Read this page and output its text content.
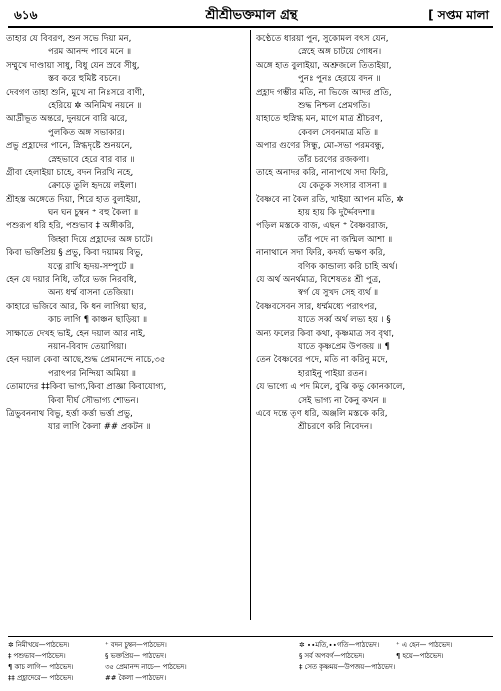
৬১৬	শ্রীশ্রীভক্তমাল গ্রন্থ	[ সপ্তম মালা
তাহার যে বিবরণ, শুন সভে দিয়া মন,
পরম আনন্দ পাবে মনে ॥
সম্মুখে দাণ্ডায়া সাধু, বিধু যেন স্রবে সীধু,
স্তব করে হুমিষ্ট বচনে।
দেবগণ তাহা শুনি, মুখে না নিঃসরে বাণী,
হেরিয়ে ✲ অনিমিখ নয়নে ॥
আর্দ্রীভূত অন্তরে, দুনয়নে বারি ঝরে,
পুলকিত অঙ্গ সভাকার।
প্রভু প্রহ্লাদের পানে, স্নিগ্ধদৃষ্টে শুনয়নে,
স্নেহভাবে হেরে বার বার ॥
গ্রীবা হেলাইয়া চাহে, বদন নিরখি নহে,
ক্রোড়ে তুলি হৃদয়ে লইলা।
শ্রীহস্ত অঙ্গেতে দিয়া, শিরে হাত বুলাইয়া,
ঘন ঘন চুম্বন ⁺ বহু কৈলা ॥
পশুরূপ ধরি হরি, পশুভাব ‡ অঙ্গীকরি,
জিহ্বা দিয়ে প্রহ্লাদের অঙ্গ চাটে।
কিবা ভক্তিপ্রিয় § প্রভু, কিবা দয়াময় বিভু,
যত্নে রাখি হৃদয়-সম্পুটে ॥
হেন যে দয়ার নিধি, তাঁরে ভজ নিরবধি,
অন্য ধর্ম্ম বাসনা তেজিয়া।
কাহারে ভজিবে আর, কি ধন লাগিয়া ছার,
কাচ লাগি ¶ কাঞ্চন ছাড়িয়া ॥
সাক্ষাতে দেখহ ভাই, হেন দয়াল আর নাই,
নয়ান-বিবাদ তেয়াগিয়া।
হেন দয়াল কেবা আছে,শুদ্ধ প্রেমানন্দে নাচে,৩৫
পরাৎপর নিন্দিয়া অমিয়া ॥
তোমাদের ‡‡কিবা ভাগ্য,কিবা প্রাজ্ঞা কিবাযোগ্য,
কিবা দীর্ঘ সৌভাগ্য শোভন।
ত্রিভুবননাথ বিভু, হর্ত্তা কর্ত্তা ভর্ত্তা প্রভু,
যার লাগি কৈলা ## প্রকটন ॥
কণ্ঠেতে ধারয়া পুন, সুকোমল বৎস যেন,
স্নেহে অঙ্গ চাটয়ে গোধন।
অঙ্গে হাত বুলাইয়া, অশ্রুজলে তিতাইয়া,
পুনঃ পুনঃ হেরয়ে বদন ॥
প্রহ্লাদ গম্ভীর মতি, না ভিজে আদর প্রতি,
শুদ্ধ নিশ্চল প্রেমগতি।
যাহাতে হুস্নিগ্ধ মন, মাগে মাত্র শ্রীচরণ,
কেবল সেবনমাত্র মতি ॥
অপার গুণের সিন্ধু, মো-সভা পরমবন্ধু,
তাঁর চরণের রজকণা।
তাহে অনাদর করি, নানাপথে সদা ফিরি,
যে কেতুক সংসার বাসনা ॥
বৈষ্ণবে না কৈল রতি, খাইয়া আপন মতি, ✲
হায় হায় কি দুর্দ্দৈবদশা॥
পড়িল মস্তকে বাজ, এছন ⁺ বৈষ্ণবরাজ,
তাঁর পদে না জন্মিল আশা ॥
নানাথানে সদা ফিরি, কদর্য্য ভক্ষণ করি,
বণিক কান্ডাল্য করি চাহি অর্থ।
যে অর্থ অনর্থমাত্র, বিশেষতঃ শ্রী পুত্র,
স্বর্গ যে সুখদ সেহ ব্যর্থ ॥
বৈষ্ণবসেবন সার, ধর্ম্মমধ্যে পরাৎপর,
যাতে সর্ব্ব অর্থ লভ্য হয় । §
অন্য ফলের কিবা কথা, কৃষ্ণমাত্র সব বৃথা,
যাতে কৃষ্ণপ্রেম উপজয় ॥ ¶
তেন বৈষ্ণবের পদে, মতি না করিনু মদে,
হারাইনু পাইয়া রতন।
যে ভাগ্যে এ পদ মিলে, বুঝি কভু কোনকালে,
সেই ভাগ্য না কৈনু কখন ॥
এবে দন্তে তৃণ ধরি, অঞ্জলি মস্তকে করি,
শ্রীচরণে করি নিবেদন।
✲ নিমীখয়ে—পাঠভেদ।	⁺ বদন চুম্বন—পাঠভেদ।	✲ ∙∙মতি,∙∙গতি—পাঠভেদ।	⁺ এ হেন— পাঠভেদ।
‡ পশুভাব—পাঠভেদ।	§ ভক্তপ্রিয়— পাঠভেদ।	§ সর্ব অপবর্গ—পাঠভেদ।	¶ হয়ে—পাঠভেদ।
¶ কাচ লাগি— পাঠভেদ।	৩৫ প্রেমানন্দ নাচে— পাঠভেদ।	‡ সেত কৃষ্ণময়—উপজয়—পাঠভেদ।
‡‡ প্রহ্লাদেরে— পাঠভেদ।	## কৈলা —পাঠভেদ।
